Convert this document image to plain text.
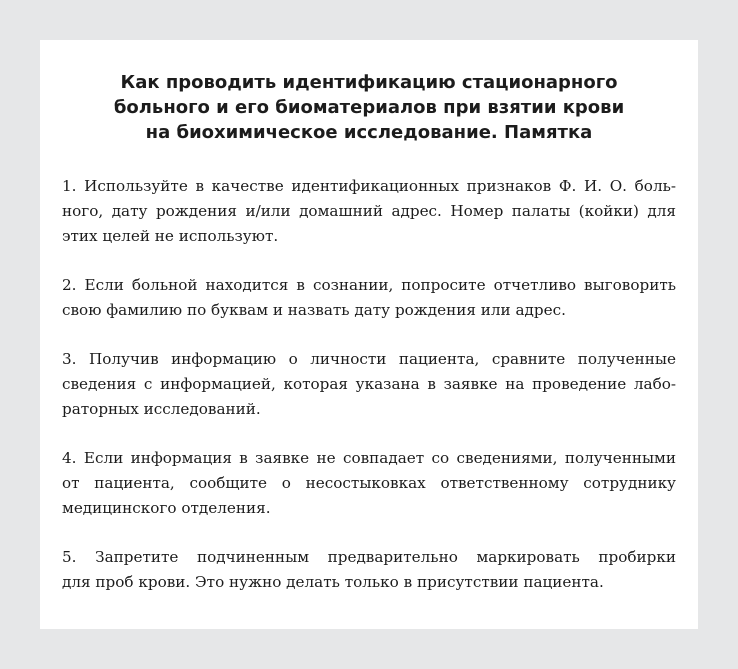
Как проводить идентификацию стационарного
больного и его биоматериалов при взятии крови
на биохимическое исследование. Памятка
1. Используйте в качестве идентификационных признаков Ф. И. О. боль-
ного, дату рождения и/или домашний адрес. Номер палаты (койки) для
этих целей не используют.
2. Если больной находится в сознании, попросите отчетливо выговорить
свою фамилию по буквам и назвать дату рождения или адрес.
3. Получив информацию о личности пациента, сравните полученные
сведения с информацией, которая указана в заявке на проведение лабо-
раторных исследований.
4. Если информация в заявке не совпадает со сведениями, полученными
от пациента, сообщите о несостыковках ответственному сотруднику
медицинского отделения.
5. Запретите подчиненным предварительно маркировать пробирки
для проб крови. Это нужно делать только в присутствии пациента.
